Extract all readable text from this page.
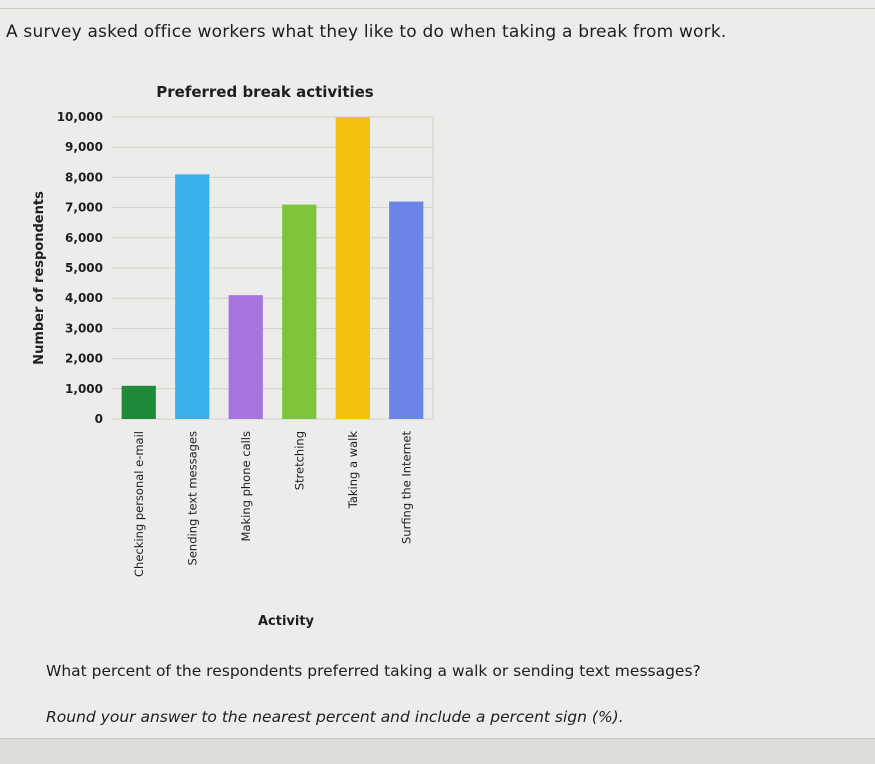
A survey asked office workers what they like to do when taking a break from work.
Preferred break activities
0
1,000
2,000
3,000
4,000
5,000
6,000
7,000
8,000
9,000
10,000
Checking personal e-mail	Sending text messages	Making phone calls	Stretching	Taking a walk	Surfing the Internet
Number of respondents
Activity
What percent of the respondents preferred taking a walk or sending text messages?
Round your answer to the nearest percent and include a percent sign (%).
